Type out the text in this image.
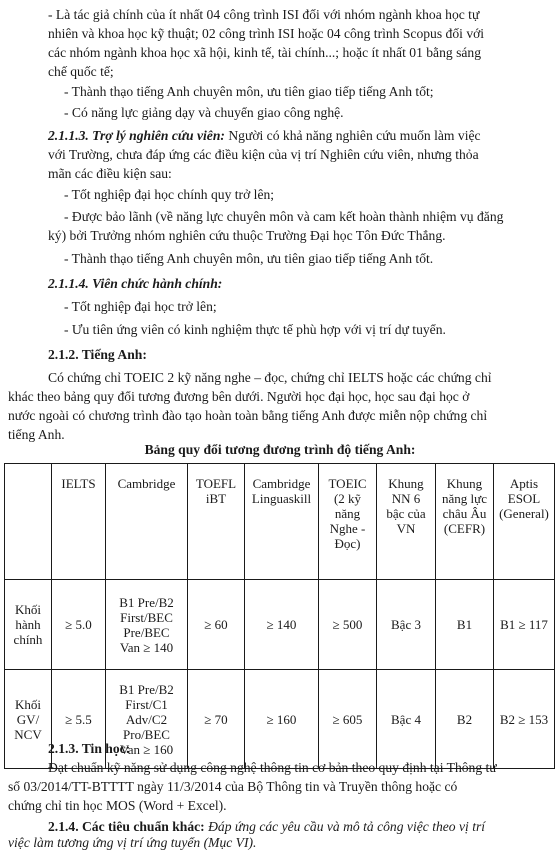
- Là tác giả chính của ít nhất 04 công trình ISI đối với nhóm ngành khoa học tự
nhiên và khoa học kỹ thuật; 02 công trình ISI hoặc 04 công trình Scopus đối với
các nhóm ngành khoa học xã hội, kinh tế, tài chính...; hoặc ít nhất 01 bằng sáng
chế quốc tế;
- Thành thạo tiếng Anh chuyên môn, ưu tiên giao tiếp tiếng Anh tốt;
- Có năng lực giảng dạy và chuyển giao công nghệ.
2.1.1.3. Trợ lý nghiên cứu viên: Người có khả năng nghiên cứu muốn làm việc
với Trường, chưa đáp ứng các điều kiện của vị trí Nghiên cứu viên, nhưng thỏa
mãn các điều kiện sau:
- Tốt nghiệp đại học chính quy trở lên;
- Được bảo lãnh (về năng lực chuyên môn và cam kết hoàn thành nhiệm vụ đăng
ký) bởi Trưởng nhóm nghiên cứu thuộc Trường Đại học Tôn Đức Thắng.
- Thành thạo tiếng Anh chuyên môn, ưu tiên giao tiếp tiếng Anh tốt.
2.1.1.4. Viên chức hành chính:
- Tốt nghiệp đại học trở lên;
- Ưu tiên ứng viên có kinh nghiệm thực tế phù hợp với vị trí dự tuyển.
2.1.2. Tiếng Anh:
Có chứng chỉ TOEIC 2 kỹ năng nghe – đọc, chứng chỉ IELTS hoặc các chứng chỉ
khác theo bảng quy đổi tương đương bên dưới. Người học đại học, học sau đại học ở
nước ngoài có chương trình đào tạo hoàn toàn bằng tiếng Anh được miễn nộp chứng chỉ
tiếng Anh.
Bảng quy đổi tương đương trình độ tiếng Anh:

	IELTS	Cambridge	TOEFL
iBT	Cambridge
Linguaskill	TOEIC
(2 kỹ
năng
Nghe -
Đọc)	Khung
NN 6
bậc của
VN	Khung
năng lực
châu Âu
(CEFR)	Aptis
ESOL
(General)

Khối
hành
chính	≥ 5.0	B1 Pre/B2
First/BEC
Pre/BEC
Van ≥ 140	≥ 60	≥ 140	≥ 500	Bậc 3	B1	B1 ≥ 117

Khối
GV/
NCV	≥ 5.5	B1 Pre/B2
First/C1
Adv/C2
Pro/BEC
Van ≥ 160	≥ 70	≥ 160	≥ 605	Bậc 4	B2	B2 ≥ 153
2.1.3. Tin học:
Đạt chuẩn kỹ năng sử dụng công nghệ thông tin cơ bản theo quy định tại Thông tư
số 03/2014/TT-BTTTT ngày 11/3/2014 của Bộ Thông tin và Truyền thông hoặc có
chứng chỉ tin học MOS (Word + Excel).
2.1.4. Các tiêu chuẩn khác: Đáp ứng các yêu cầu và mô tả công việc theo vị trí
việc làm tương ứng vị trí ứng tuyển (Mục VI).
